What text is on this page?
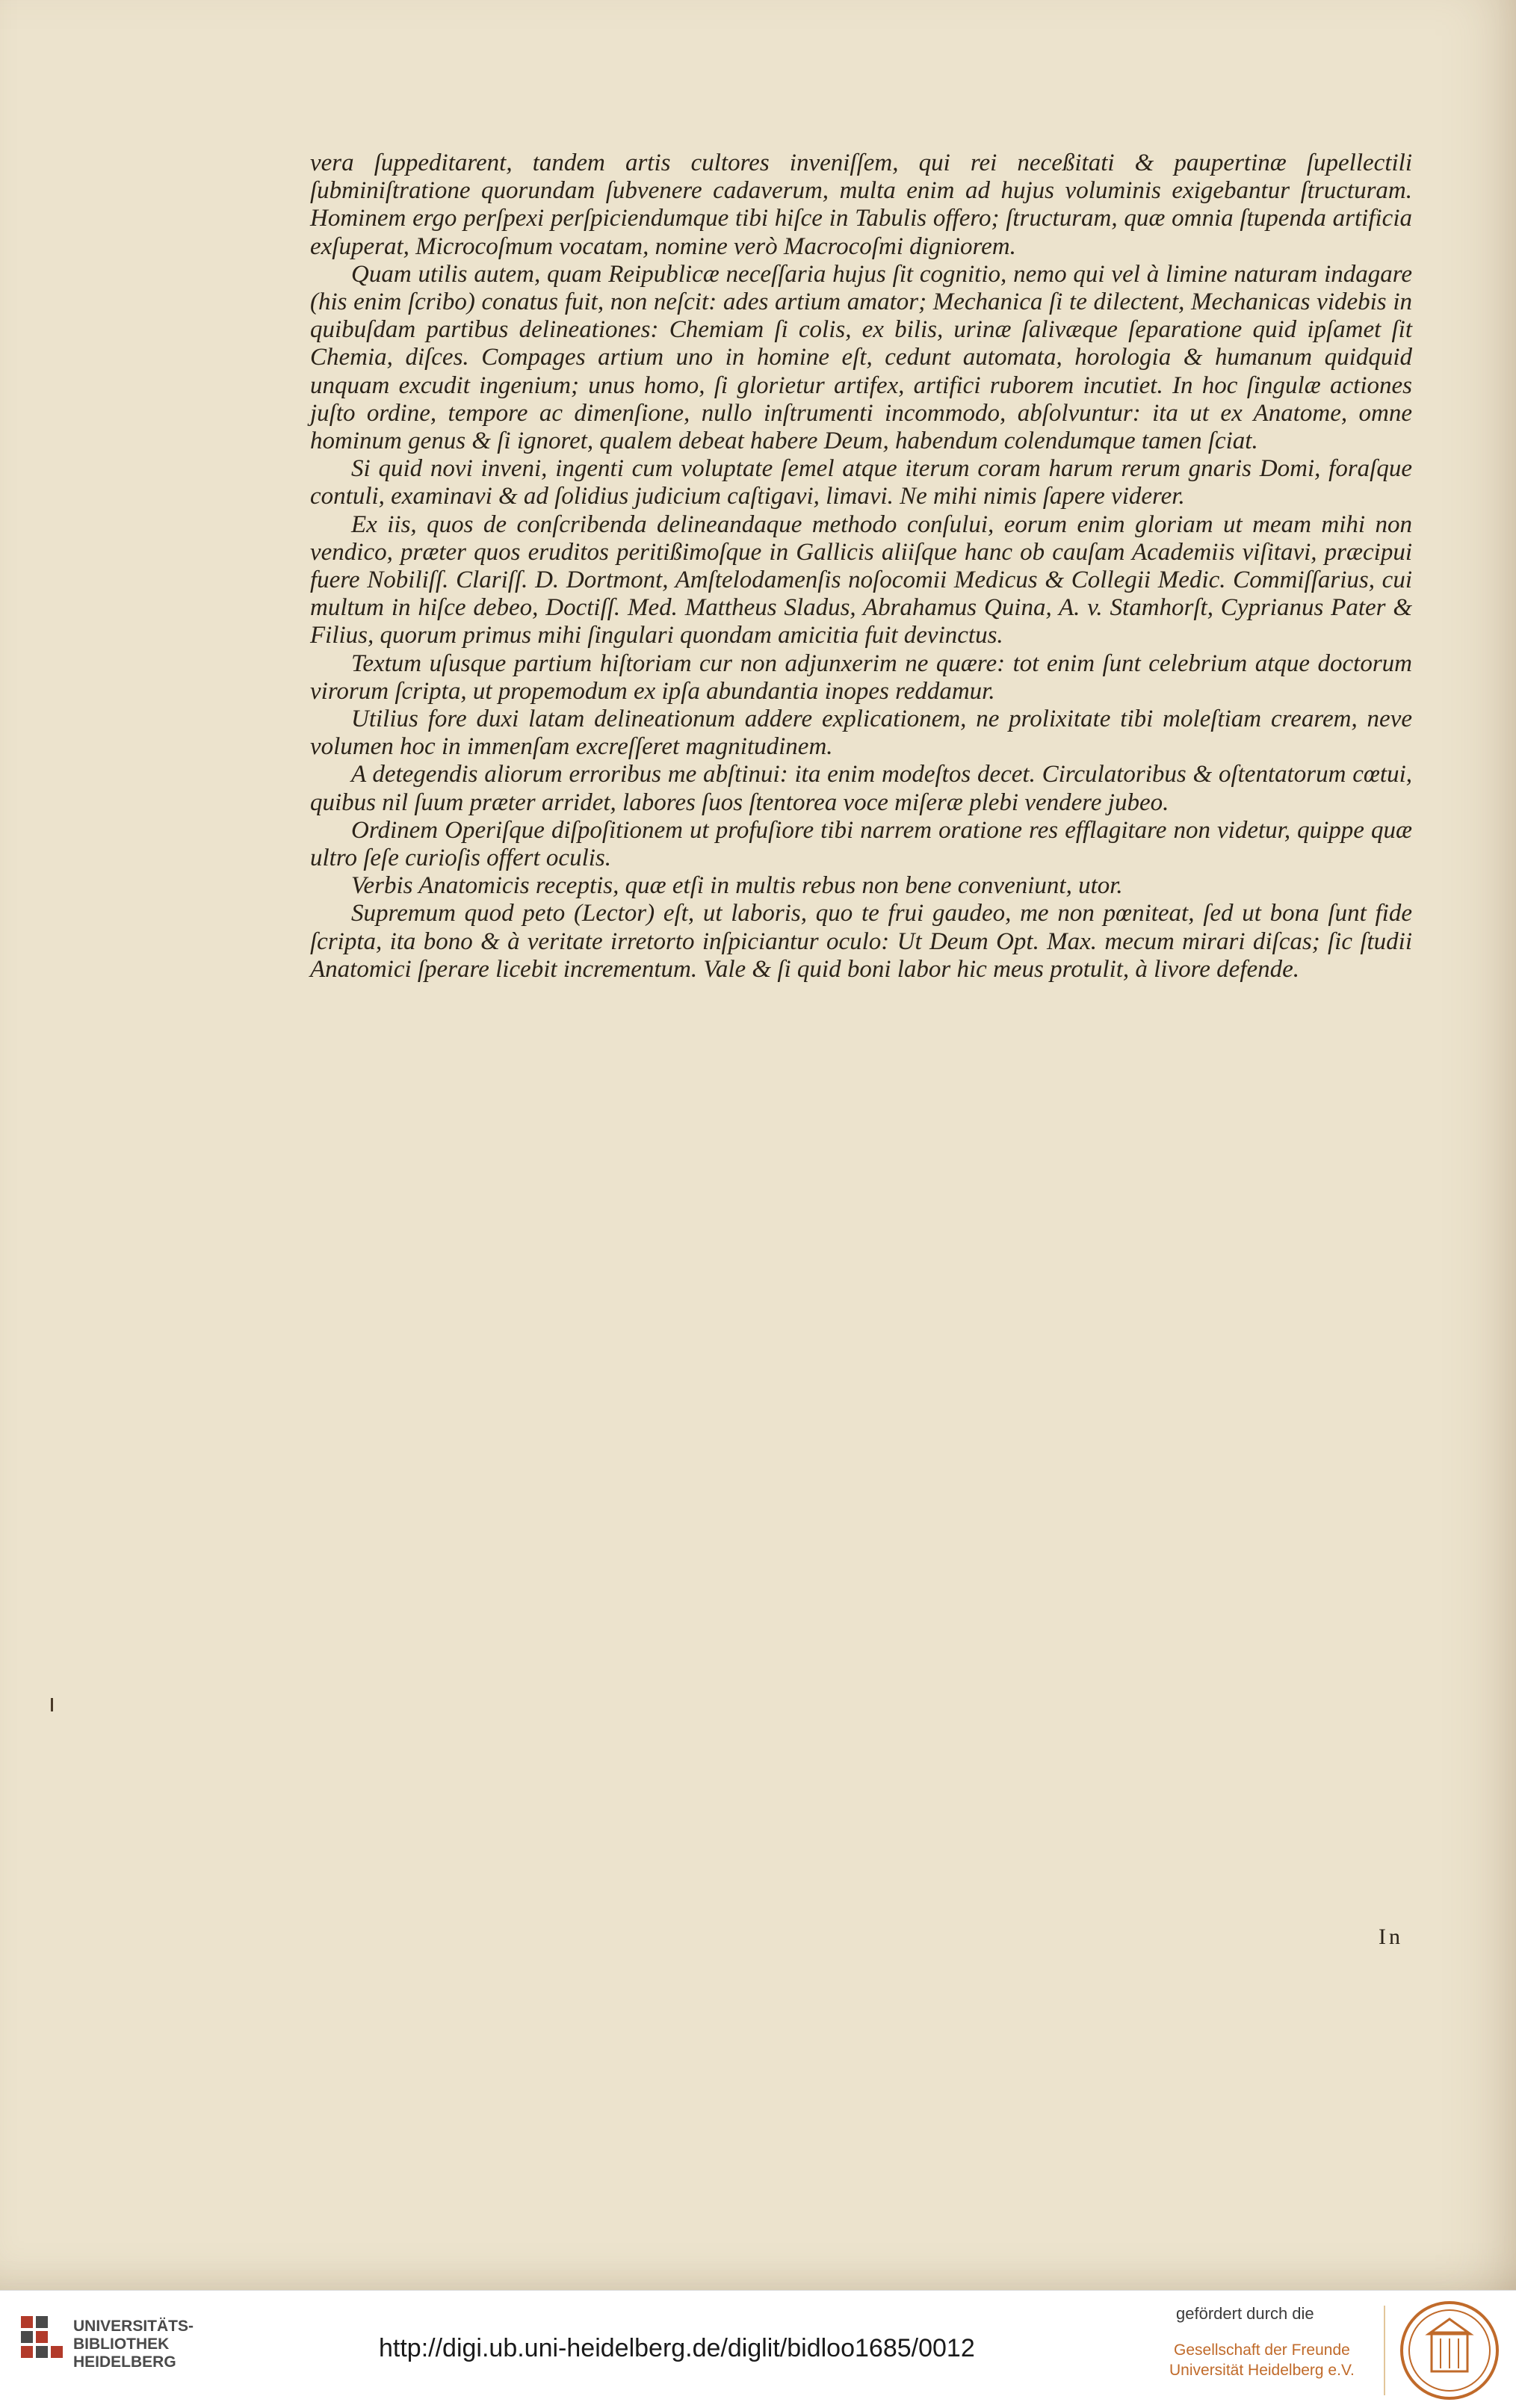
vera ſuppeditarent, tandem artis cultores inveniſſem, qui rei neceßitati & paupertinæ ſupellectili ſubminiſtratione quorundam ſubvenere cadaverum, multa enim ad hujus voluminis exigebantur ſtructuram. Hominem ergo perſpexi perſpiciendumque tibi hiſce in Tabulis offero; ſtructuram, quæ omnia ſtupenda artificia exſuperat, Microcoſmum vocatam, nomine verò Macrocoſmi digniorem.

Quam utilis autem, quam Reipublicæ neceſſaria hujus ſit cognitio, nemo qui vel à limine naturam indagare (his enim ſcribo) conatus fuit, non neſcit: ades artium amator; Mechanica ſi te dilectent, Mechanicas videbis in quibuſdam partibus delineationes: Chemiam ſi colis, ex bilis, urinæ ſalivæque ſeparatione quid ipſamet ſit Chemia, diſces. Compages artium uno in homine eſt, cedunt automata, horologia & humanum quidquid unquam excudit ingenium; unus homo, ſi glorietur artifex, artifici ruborem incutiet. In hoc ſingulæ actiones juſto ordine, tempore ac dimenſione, nullo inſtrumenti incommodo, abſolvuntur: ita ut ex Anatome, omne hominum genus & ſi ignoret, qualem debeat habere Deum, habendum colendumque tamen ſciat.

Si quid novi inveni, ingenti cum voluptate ſemel atque iterum coram harum rerum gnaris Domi, foraſque contuli, examinavi & ad ſolidius judicium caſtigavi, limavi. Ne mihi nimis ſapere viderer.

Ex iis, quos de conſcribenda delineandaque methodo conſului, eorum enim gloriam ut meam mihi non vendico, præter quos eruditos peritißimoſque in Gallicis aliiſque hanc ob cauſam Academiis viſitavi, præcipui fuere Nobiliſſ. Clariſſ. D. Dortmont, Amſtelodamenſis noſocomii Medicus & Collegii Medic. Commiſſarius, cui multum in hiſce debeo, Doctiſſ. Med. Mattheus Sladus, Abrahamus Quina, A. v. Stamhorſt, Cyprianus Pater & Filius, quorum primus mihi ſingulari quondam amicitia fuit devinctus.

Textum uſusque partium hiſtoriam cur non adjunxerim ne quære: tot enim ſunt celebrium atque doctorum virorum ſcripta, ut propemodum ex ipſa abundantia inopes reddamur.

Utilius fore duxi latam delineationum addere explicationem, ne prolixitate tibi moleſtiam crearem, neve volumen hoc in immenſam excreſſeret magnitudinem.

A detegendis aliorum erroribus me abſtinui: ita enim modeſtos decet. Circulatoribus & oſtentatorum cœtui, quibus nil ſuum præter arridet, labores ſuos ſtentorea voce miſeræ plebi vendere jubeo.

Ordinem Operiſque diſpoſitionem ut profuſiore tibi narrem oratione res efflagitare non videtur, quippe quæ ultro ſeſe curioſis offert oculis.

Verbis Anatomicis receptis, quæ etſi in multis rebus non bene conveniunt, utor.

Supremum quod peto (Lector) eſt, ut laboris, quo te frui gaudeo, me non pœniteat, ſed ut bona ſunt fide ſcripta, ita bono & à veritate irretorto inſpiciantur oculo: Ut Deum Opt. Max. mecum mirari diſcas; ſic ſtudii Anatomici ſperare licebit incrementum. Vale & ſi quid boni labor hic meus protulit, à livore defende.

In
UNIVERSITÄTS-
BIBLIOTHEK
HEIDELBERG	http://digi.ub.uni-heidelberg.de/diglit/bidloo1685/0012
gefördert durch die
Gesellschaft der Freunde
Universität Heidelberg e.V.
